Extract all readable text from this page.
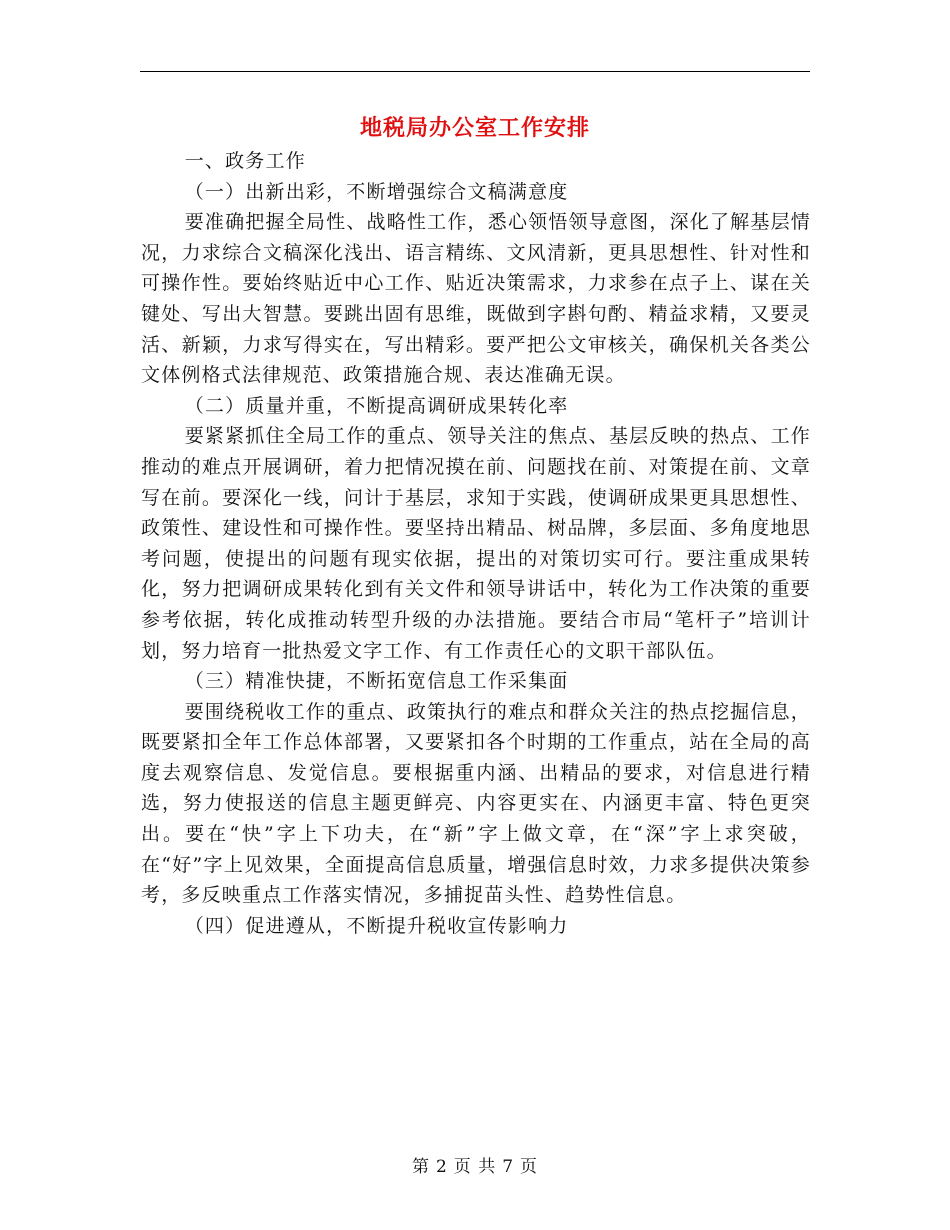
地税局办公室工作安排

一、政务工作

（一）出新出彩，不断增强综合文稿满意度

要准确把握全局性、战略性工作，悉心领悟领导意图，深化了解基层情况，力求综合文稿深化浅出、语言精练、文风清新，更具思想性、针对性和可操作性。要始终贴近中心工作、贴近决策需求，力求参在点子上、谋在关键处、写出大智慧。要跳出固有思维，既做到字斟句酌、精益求精，又要灵活、新颖，力求写得实在，写出精彩。要严把公文审核关，确保机关各类公文体例格式法律规范、政策措施合规、表达准确无误。

（二）质量并重，不断提高调研成果转化率

要紧紧抓住全局工作的重点、领导关注的焦点、基层反映的热点、工作推动的难点开展调研，着力把情况摸在前、问题找在前、对策提在前、文章写在前。要深化一线，问计于基层，求知于实践，使调研成果更具思想性、政策性、建设性和可操作性。要坚持出精品、树品牌，多层面、多角度地思考问题，使提出的问题有现实依据，提出的对策切实可行。要注重成果转化，努力把调研成果转化到有关文件和领导讲话中，转化为工作决策的重要参考依据，转化成推动转型升级的办法措施。要结合市局“笔杆子”培训计划，努力培育一批热爱文字工作、有工作责任心的文职干部队伍。

（三）精准快捷，不断拓宽信息工作采集面

要围绕税收工作的重点、政策执行的难点和群众关注的热点挖掘信息，既要紧扣全年工作总体部署，又要紧扣各个时期的工作重点，站在全局的高度去观察信息、发觉信息。要根据重内涵、出精品的要求，对信息进行精选，努力使报送的信息主题更鲜亮、内容更实在、内涵更丰富、特色更突出。要在“快”字上下功夫，在“新”字上做文章，在“深”字上求突破，在“好”字上见效果，全面提高信息质量，增强信息时效，力求多提供决策参考，多反映重点工作落实情况，多捕捉苗头性、趋势性信息。

（四）促进遵从，不断提升税收宣传影响力

第 2 页 共 7 页
